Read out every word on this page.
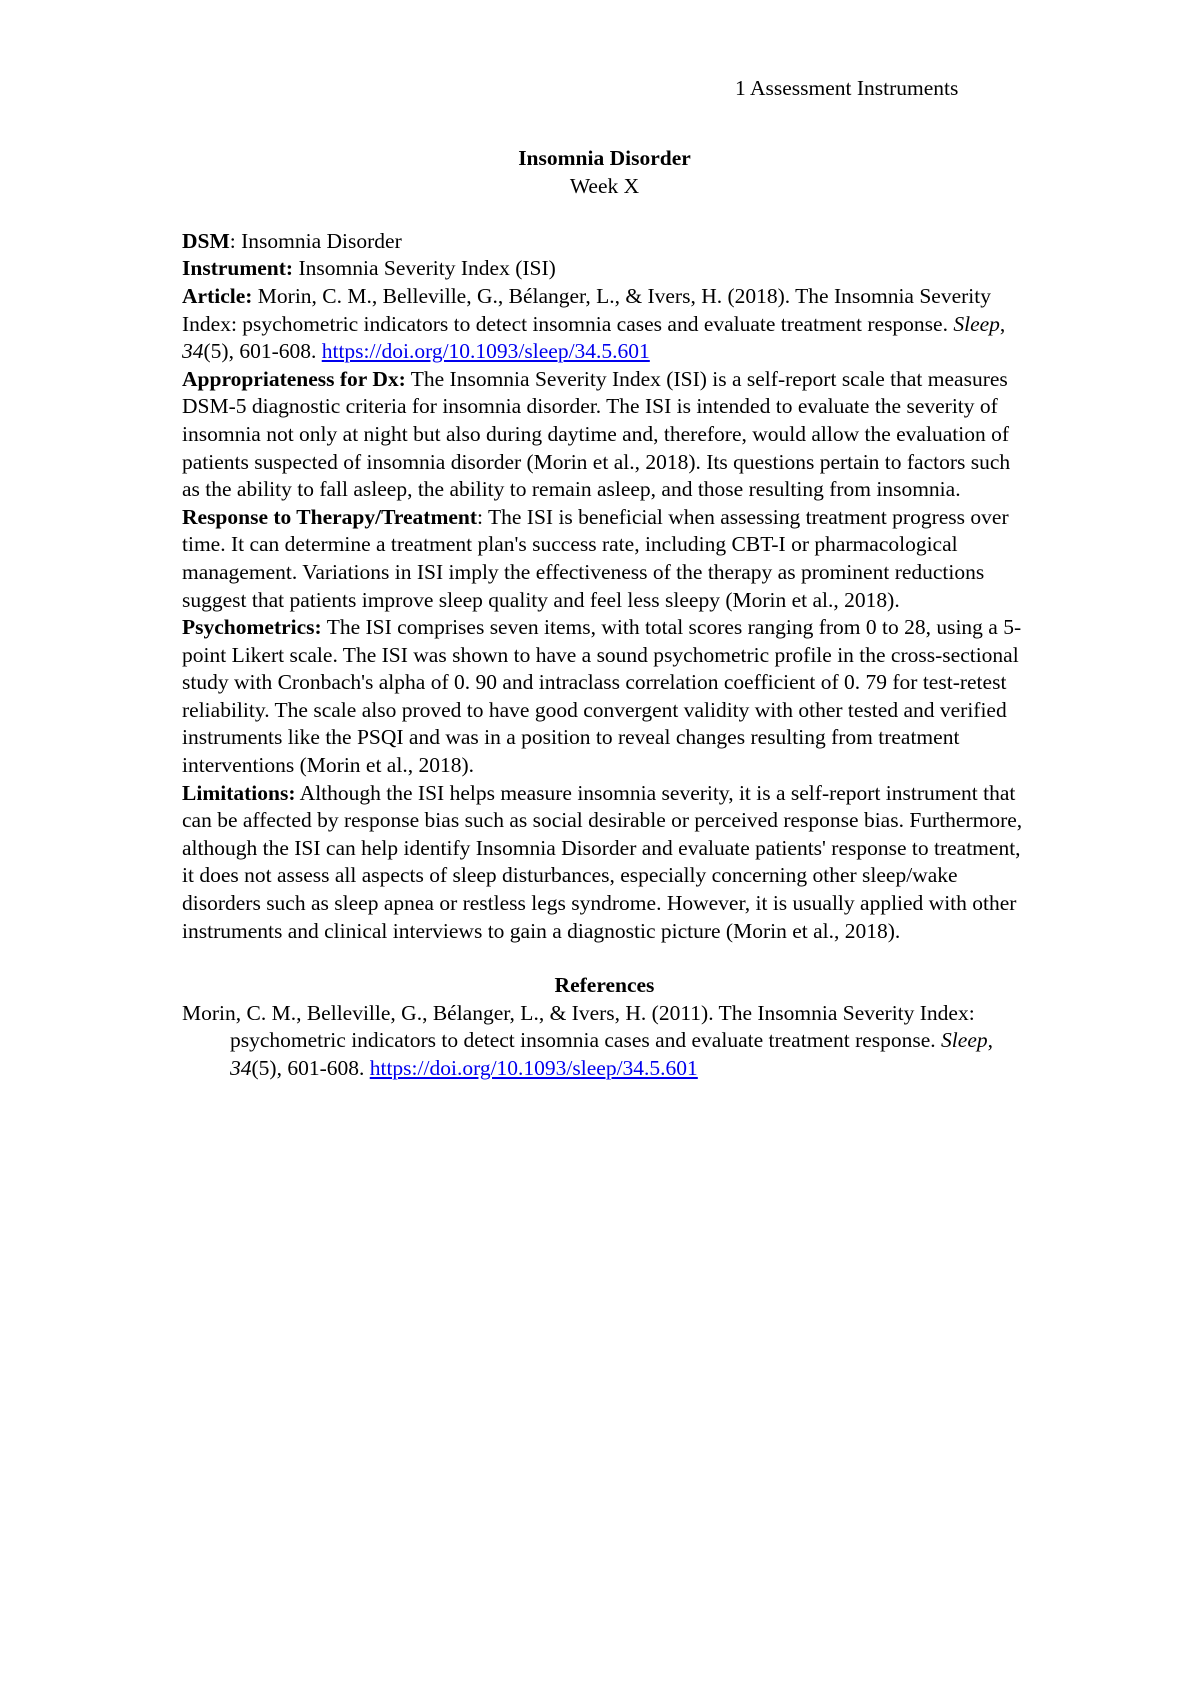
1 Assessment Instruments

Insomnia Disorder

Week X

DSM: Insomnia Disorder

Instrument: Insomnia Severity Index (ISI)

Article: Morin, C. M., Belleville, G., Bélanger, L., & Ivers, H. (2018). The Insomnia Severity Index: psychometric indicators to detect insomnia cases and evaluate treatment response. Sleep, 34(5), 601-608. https://doi.org/10.1093/sleep/34.5.601

Appropriateness for Dx: The Insomnia Severity Index (ISI) is a self-report scale that measures DSM-5 diagnostic criteria for insomnia disorder. The ISI is intended to evaluate the severity of insomnia not only at night but also during daytime and, therefore, would allow the evaluation of patients suspected of insomnia disorder (Morin et al., 2018). Its questions pertain to factors such as the ability to fall asleep, the ability to remain asleep, and those resulting from insomnia.

Response to Therapy/Treatment: The ISI is beneficial when assessing treatment progress over time. It can determine a treatment plan's success rate, including CBT-I or pharmacological management. Variations in ISI imply the effectiveness of the therapy as prominent reductions suggest that patients improve sleep quality and feel less sleepy (Morin et al., 2018).

Psychometrics: The ISI comprises seven items, with total scores ranging from 0 to 28, using a 5-point Likert scale. The ISI was shown to have a sound psychometric profile in the cross-sectional study with Cronbach's alpha of 0. 90 and intraclass correlation coefficient of 0. 79 for test-retest reliability. The scale also proved to have good convergent validity with other tested and verified instruments like the PSQI and was in a position to reveal changes resulting from treatment interventions (Morin et al., 2018).

Limitations: Although the ISI helps measure insomnia severity, it is a self-report instrument that can be affected by response bias such as social desirable or perceived response bias. Furthermore, although the ISI can help identify Insomnia Disorder and evaluate patients' response to treatment, it does not assess all aspects of sleep disturbances, especially concerning other sleep/wake disorders such as sleep apnea or restless legs syndrome. However, it is usually applied with other instruments and clinical interviews to gain a diagnostic picture (Morin et al., 2018).

References

Morin, C. M., Belleville, G., Bélanger, L., & Ivers, H. (2011). The Insomnia Severity Index: psychometric indicators to detect insomnia cases and evaluate treatment response. Sleep, 34(5), 601-608. https://doi.org/10.1093/sleep/34.5.601
